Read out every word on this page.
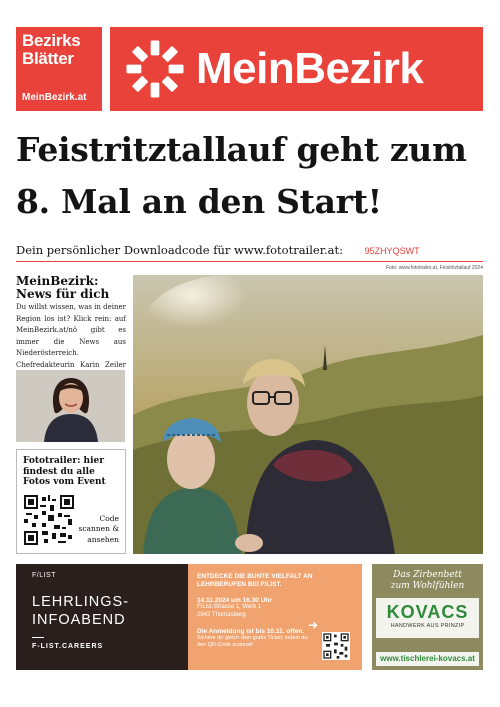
Bezirks
Blätter
MeinBezirk.at
MeinBezirk
Feistritztallauf geht zum 8. Mal an den Start!
Dein persönlicher Downloadcode für www.fototrailer.at: 95ZHYQSWT
Foto: www.fototrailer.at, Feistritztallauf 2024
MeinBezirk: News für dich

Du willst wissen, was in deiner Region los ist? Klick rein: auf MeinBezirk.at/nö gibt es immer die News aus Niederösterreich. Chefredakteurin Karin Zeiler

Fototrailer: hier findest du alle Fotos vom Event
Code scannen & ansehen
F/LIST
LEHRLINGS-
INFOABEND
F-LIST.CAREERS
ENTDECKE DIE BUNTE VIELFALT AN LEHRBERUFEN BEI F/LIST.
14.11.2024 um 16.30 Uhr
F/List-Strasse 1, Werk 1
2842 Thomasberg
Die Anmeldung ist bis 10.11. offen.
Sichere dir gleich dein gratis Ticket, indem du den QR-Code scannst!
➜
Das Zirbenbett
zum Wohlfühlen
KOVACS
HANDWERK AUS PRINZIP
www.tischlerei-kovacs.at
